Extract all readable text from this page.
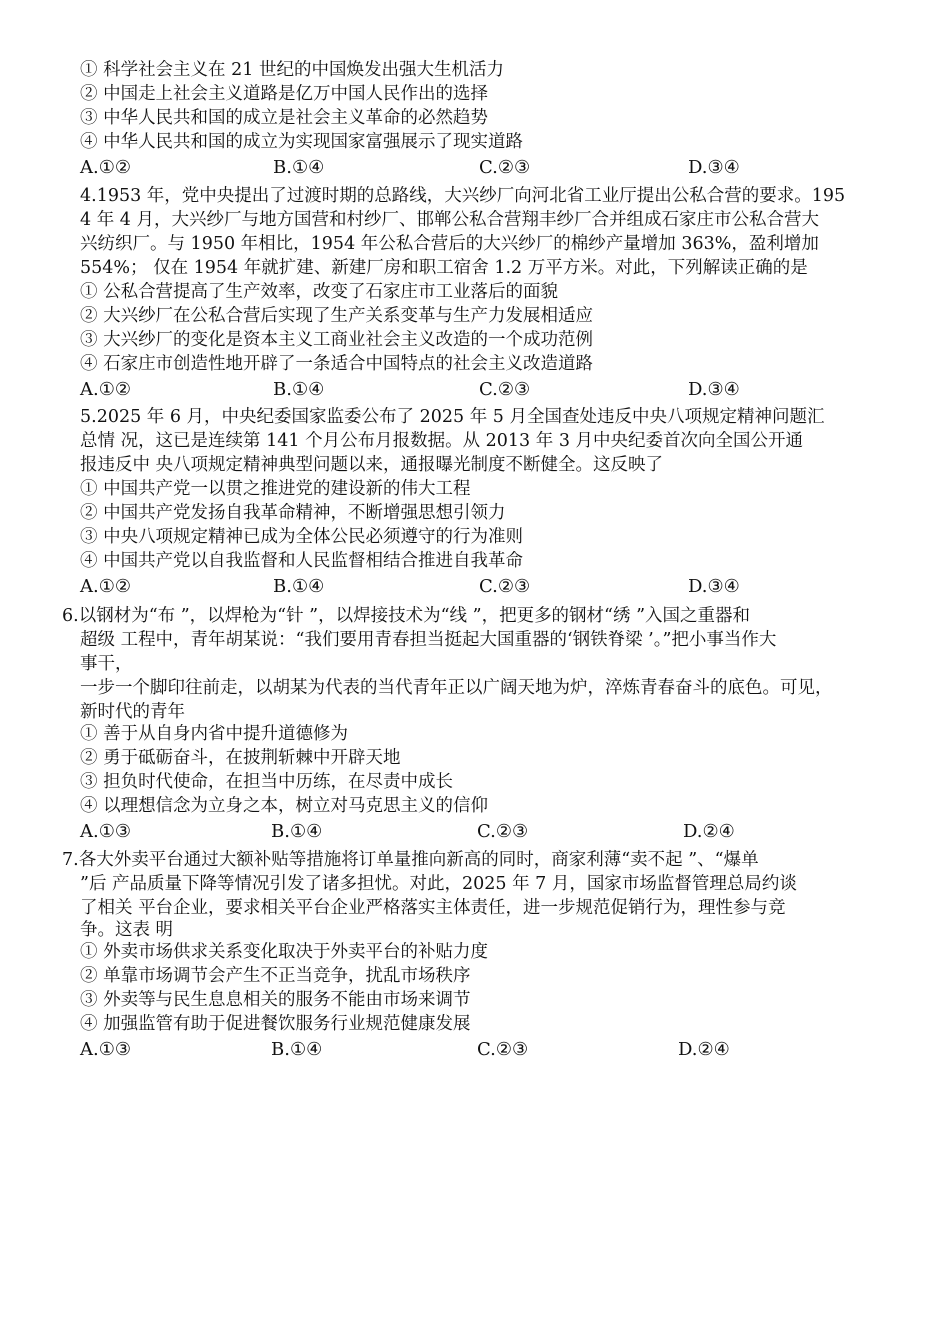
① 科学社会主义在 21 世纪的中国焕发出强大生机活力
② 中国走上社会主义道路是亿万中国人民作出的选择
③ 中华人民共和国的成立是社会主义革命的必然趋势
④ 中华人民共和国的成立为实现国家富强展示了现实道路
A.①②	B.①④	C.②③	D.③④
4.1953 年，党中央提出了过渡时期的总路线，大兴纱厂向河北省工业厅提出公私合营的要求。195
4 年 4 月，大兴纱厂与地方国营和村纱厂、邯郸公私合营翔丰纱厂合并组成石家庄市公私合营大
兴纺织厂。与 1950 年相比，1954 年公私合营后的大兴纱厂的棉纱产量增加 363%，盈利增加
554%； 仅在 1954 年就扩建、新建厂房和职工宿舍 1.2 万平方米。对此，下列解读正确的是
① 公私合营提高了生产效率，改变了石家庄市工业落后的面貌
② 大兴纱厂在公私合营后实现了生产关系变革与生产力发展相适应
③ 大兴纱厂的变化是资本主义工商业社会主义改造的一个成功范例
④ 石家庄市创造性地开辟了一条适合中国特点的社会主义改造道路
A.①②	B.①④	C.②③	D.③④
5.2025 年 6 月，中央纪委国家监委公布了 2025 年 5 月全国查处违反中央八项规定精神问题汇
总情 况，这已是连续第 141 个月公布月报数据。从 2013 年 3 月中央纪委首次向全国公开通
报违反中 央八项规定精神典型问题以来，通报曝光制度不断健全。这反映了
① 中国共产党一以贯之推进党的建设新的伟大工程
② 中国共产党发扬自我革命精神，不断增强思想引领力
③ 中央八项规定精神已成为全体公民必须遵守的行为准则
④ 中国共产党以自我监督和人民监督相结合推进自我革命
A.①②	B.①④	C.②③	D.③④
6.以钢材为“布 ”，以焊枪为“针 ”，以焊接技术为“线 ”，把更多的钢材“绣 ”入国之重器和
超级 工程中，青年胡某说：“我们要用青春担当挺起大国重器的‘钢铁脊梁 ’。”把小事当作大
事干，
一步一个脚印往前走，以胡某为代表的当代青年正以广阔天地为炉，淬炼青春奋斗的底色。可见，
新时代的青年
① 善于从自身内省中提升道德修为
② 勇于砥砺奋斗，在披荆斩棘中开辟天地
③ 担负时代使命，在担当中历练，在尽责中成长
④ 以理想信念为立身之本，树立对马克思主义的信仰
A.①③	B.①④	C.②③	D.②④
7.各大外卖平台通过大额补贴等措施将订单量推向新高的同时，商家利薄“卖不起 ”、“爆单
”后 产品质量下降等情况引发了诸多担忧。对此，2025 年 7 月，国家市场监督管理总局约谈
了相关 平台企业，要求相关平台企业严格落实主体责任，进一步规范促销行为，理性参与竞
争。这表 明
① 外卖市场供求关系变化取决于外卖平台的补贴力度
② 单靠市场调节会产生不正当竞争，扰乱市场秩序
③ 外卖等与民生息息相关的服务不能由市场来调节
④ 加强监管有助于促进餐饮服务行业规范健康发展
A.①③	B.①④	C.②③	D.②④
